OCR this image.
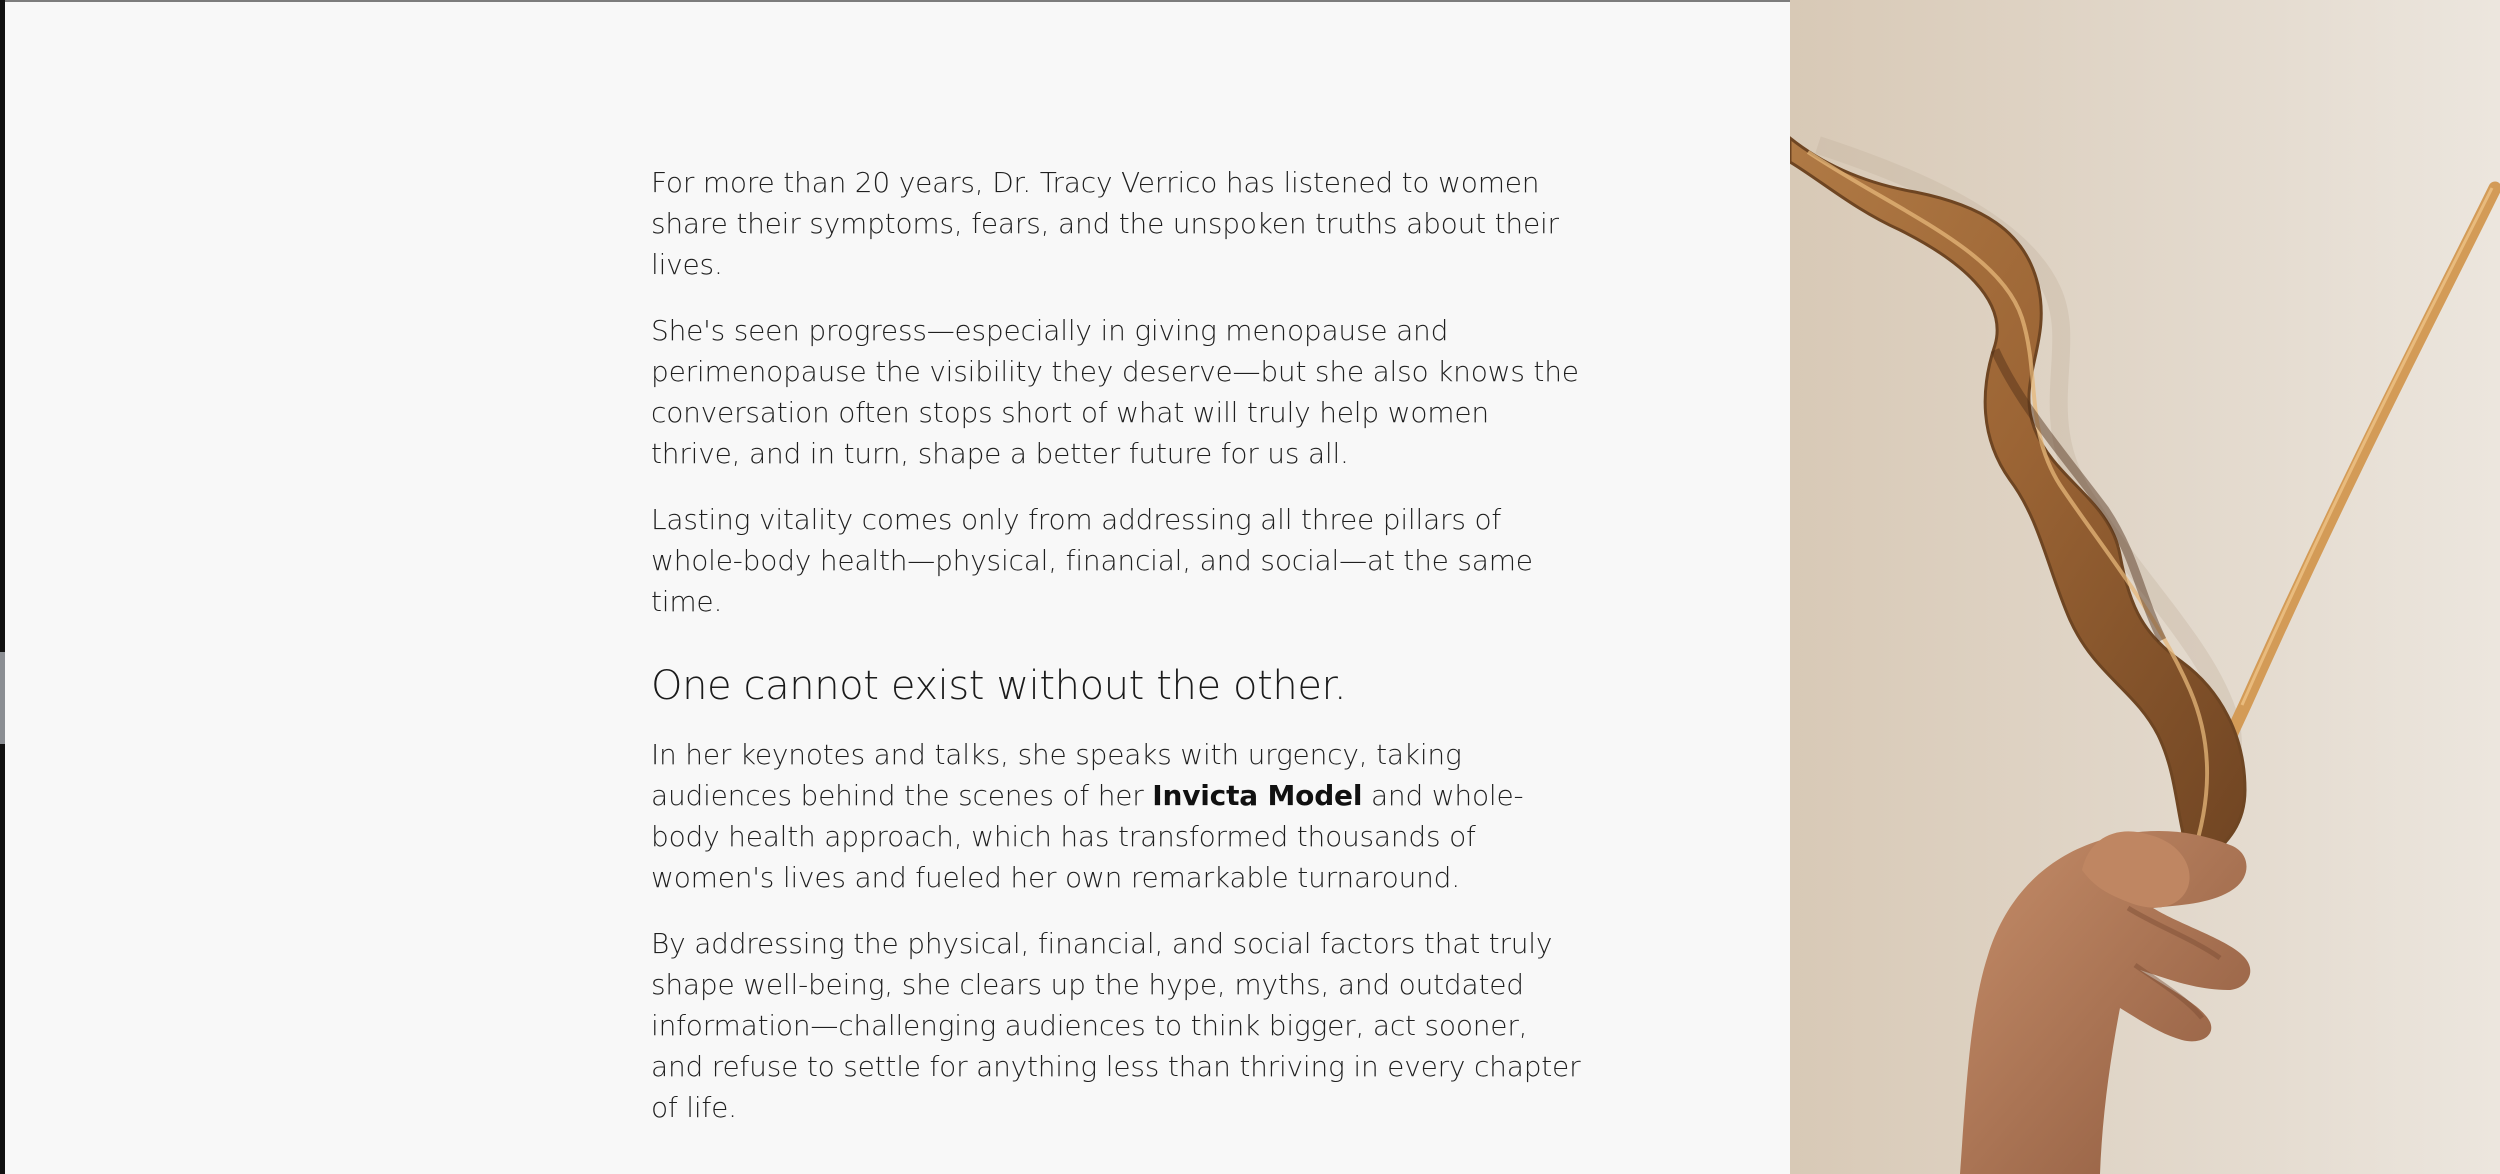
For more than 20 years, Dr. Tracy Verrico has listened to women share their symptoms, fears, and the unspoken truths about their lives.

She's seen progress—especially in giving menopause and perimenopause the visibility they deserve—but she also knows the conversation often stops short of what will truly help women thrive, and in turn, shape a better future for us all.

Lasting vitality comes only from addressing all three pillars of whole-body health—physical, financial, and social—at the same time.

One cannot exist without the other.

In her keynotes and talks, she speaks with urgency, taking audiences behind the scenes of her Invicta Model and whole-body health approach, which has transformed thousands of women's lives and fueled her own remarkable turnaround.

By addressing the physical, financial, and social factors that truly shape well-being, she clears up the hype, myths, and outdated information—challenging audiences to think bigger, act sooner, and refuse to settle for anything less than thriving in every chapter of life.
